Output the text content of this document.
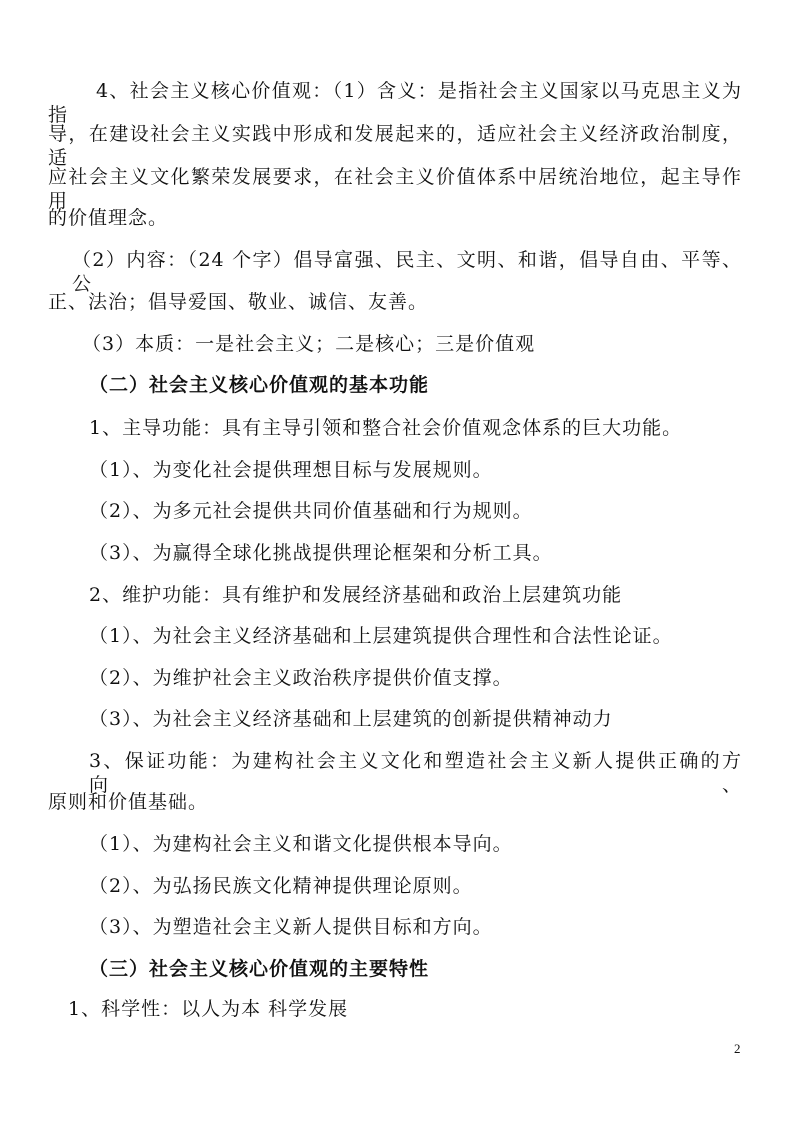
4、社会主义核心价值观：（1）含义：是指社会主义国家以马克思主义为指
导，在建设社会主义实践中形成和发展起来的，适应社会主义经济政治制度，适
应社会主义文化繁荣发展要求，在社会主义价值体系中居统治地位，起主导作用
的价值理念。
（2）内容：（24 个字）倡导富强、民主、文明、和谐，倡导自由、平等、公
正、法治；倡导爱国、敬业、诚信、友善。
（3）本质：一是社会主义；二是核心；三是价值观
（二）社会主义核心价值观的基本功能
1、主导功能：具有主导引领和整合社会价值观念体系的巨大功能。
（1）、为变化社会提供理想目标与发展规则。
（2）、为多元社会提供共同价值基础和行为规则。
（3）、为赢得全球化挑战提供理论框架和分析工具。
2、维护功能：具有维护和发展经济基础和政治上层建筑功能
（1）、为社会主义经济基础和上层建筑提供合理性和合法性论证。
（2）、为维护社会主义政治秩序提供价值支撑。
（3）、为社会主义经济基础和上层建筑的创新提供精神动力
3、保证功能：为建构社会主义文化和塑造社会主义新人提供正确的方向、
原则和价值基础。
（1）、为建构社会主义和谐文化提供根本导向。
（2）、为弘扬民族文化精神提供理论原则。
（3）、为塑造社会主义新人提供目标和方向。
（三）社会主义核心价值观的主要特性
1、科学性：以人为本 科学发展
2
